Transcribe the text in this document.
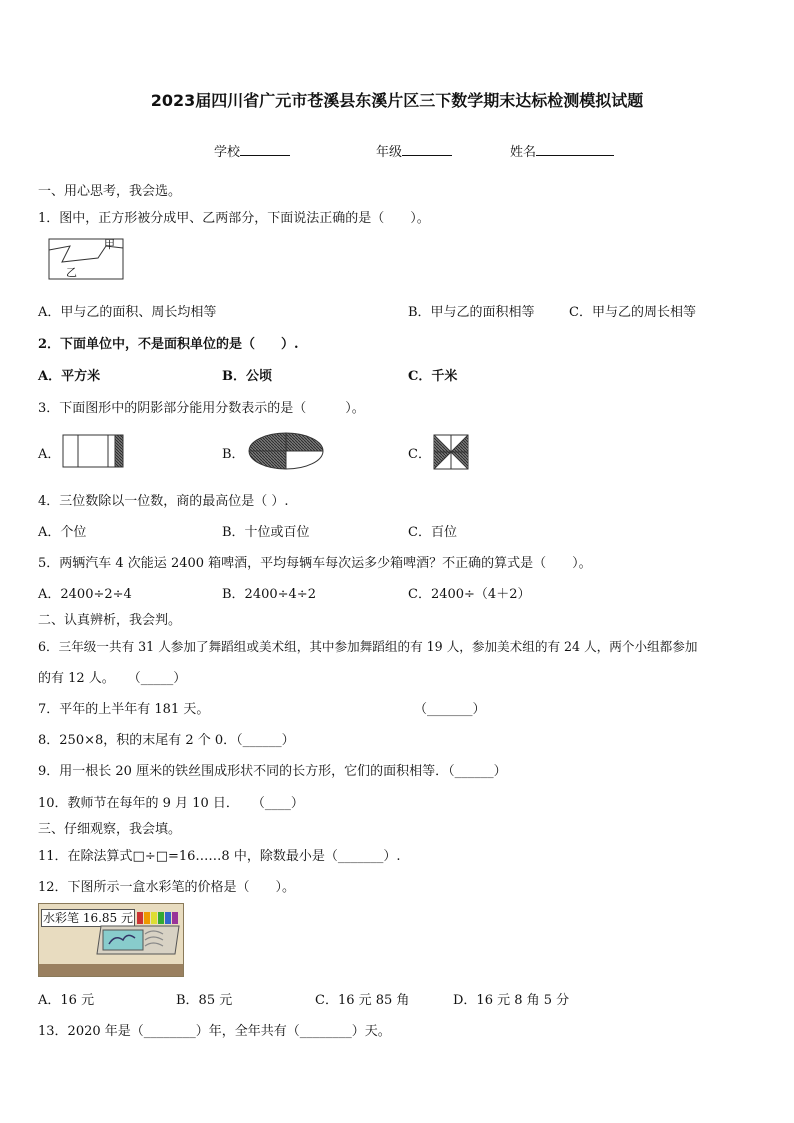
2023届四川省广元市苍溪县东溪片区三下数学期末达标检测模拟试题
学校	年级	姓名
一、用心思考，我会选。
1．图中，正方形被分成甲、乙两部分，下面说法正确的是（　　）。
甲
乙
A．甲与乙的面积、周长均相等	B．甲与乙的面积相等	C．甲与乙的周长相等
2．下面单位中，不是面积单位的是（　　）.
A．平方米	B．公顷	C．千米
3．下面图形中的阴影部分能用分数表示的是（　　　）。
A．	B．	C．
4．三位数除以一位数，商的最高位是（ ）.
A．个位	B．十位或百位	C．百位
5．两辆汽车 4 次能运 2400 箱啤酒，平均每辆车每次运多少箱啤酒？不正确的算式是（　　）。
A．2400÷2÷4	B．2400÷4÷2	C．2400÷（4＋2）
二、认真辨析，我会判。
6．三年级一共有 31 人参加了舞蹈组或美术组，其中参加舞蹈组的有 19 人，参加美术组的有 24 人，两个小组都参加
的有 12 人。　　（_____）
7．平年的上半年有 181 天。	（_______）
8．250×8，积的末尾有 2 个 0．（______）
9．用一根长 20 厘米的铁丝围成形状不同的长方形，它们的面积相等．（______）
10．教师节在每年的 9 月 10 日．　　（____）
三、仔细观察，我会填。
11．在除法算式□÷□=16……8 中，除数最小是（_______）.
12．下图所示一盒水彩笔的价格是（　　）。
水彩笔 16.85 元
A．16 元	B．85 元	C．16 元 85 角	D．16 元 8 角 5 分
13．2020 年是（________）年，全年共有（________）天。
